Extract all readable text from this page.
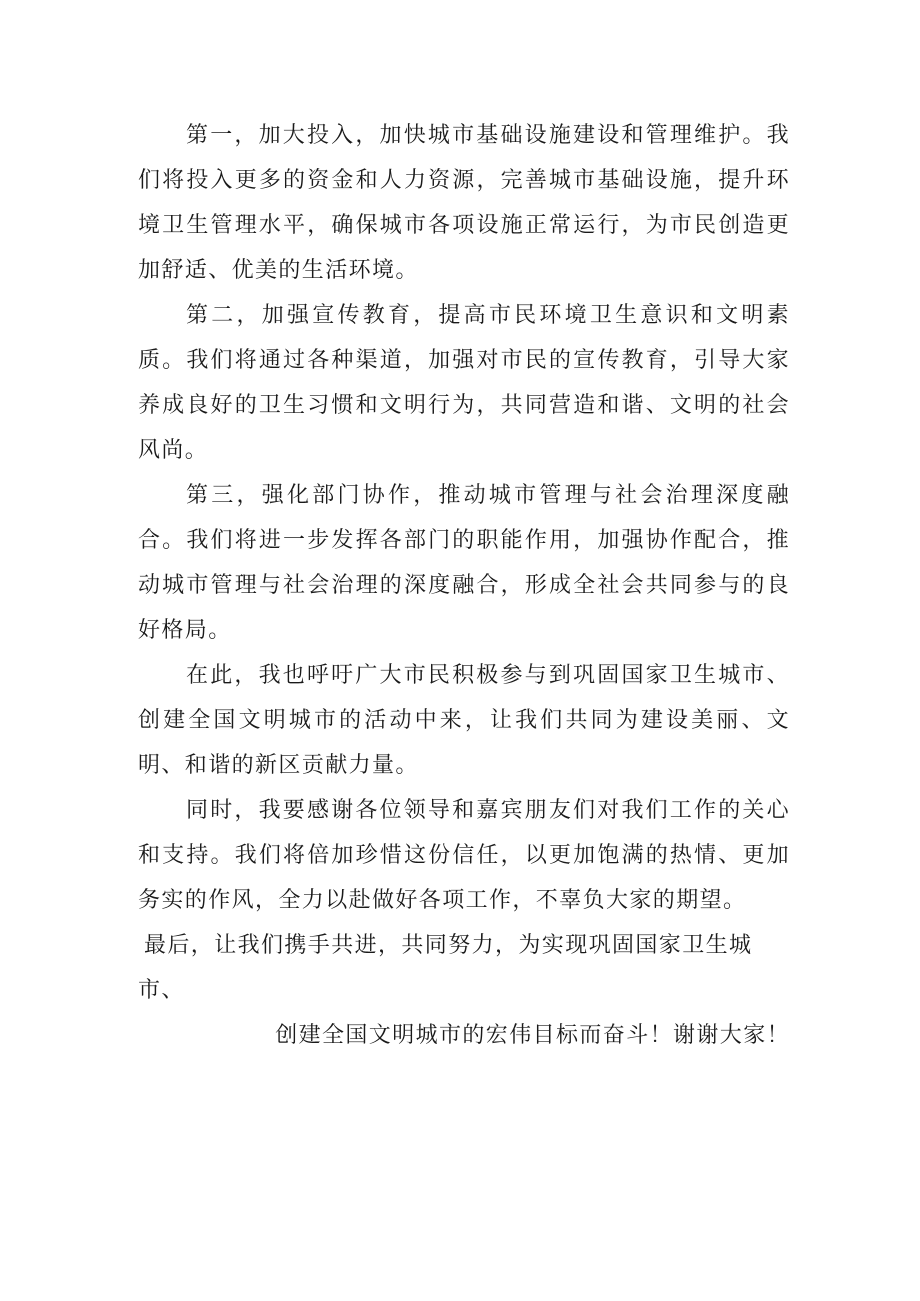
第一，加大投入，加快城市基础设施建设和管理维护。我们将投入更多的资金和人力资源，完善城市基础设施，提升环境卫生管理水平，确保城市各项设施正常运行，为市民创造更加舒适、优美的生活环境。

第二，加强宣传教育，提高市民环境卫生意识和文明素质。我们将通过各种渠道，加强对市民的宣传教育，引导大家养成良好的卫生习惯和文明行为，共同营造和谐、文明的社会风尚。

第三，强化部门协作，推动城市管理与社会治理深度融合。我们将进一步发挥各部门的职能作用，加强协作配合，推动城市管理与社会治理的深度融合，形成全社会共同参与的良好格局。

在此，我也呼吁广大市民积极参与到巩固国家卫生城市、创建全国文明城市的活动中来，让我们共同为建设美丽、文明、和谐的新区贡献力量。

同时，我要感谢各位领导和嘉宾朋友们对我们工作的关心和支持。我们将倍加珍惜这份信任，以更加饱满的热情、更加务实的作风，全力以赴做好各项工作，不辜负大家的期望。

最后，让我们携手共进，共同努力，为实现巩固国家卫生城市、

创建全国文明城市的宏伟目标而奋斗！谢谢大家！
